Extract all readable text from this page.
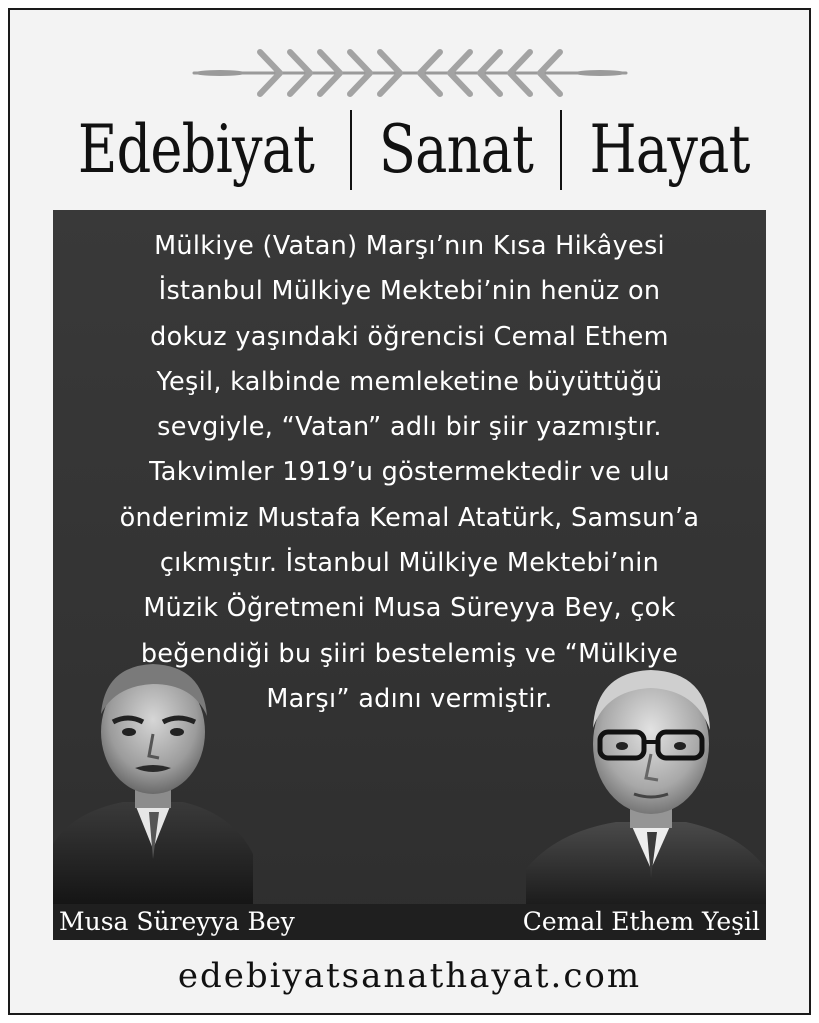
Edebiyat Sanat Hayat
Mülkiye (Vatan) Marşı’nın Kısa Hikâyesi
İstanbul Mülkiye Mektebi’nin henüz on
dokuz yaşındaki öğrencisi Cemal Ethem
Yeşil, kalbinde memleketine büyüttüğü
sevgiyle, “Vatan” adlı bir şiir yazmıştır.
Takvimler 1919’u göstermektedir ve ulu
önderimiz Mustafa Kemal Atatürk, Samsun’a
çıkmıştır. İstanbul Mülkiye Mektebi’nin
Müzik Öğretmeni Musa Süreyya Bey, çok
beğendiği bu şiiri bestelemiş ve “Mülkiye
Marşı” adını vermiştir.
Musa Süreyya Bey	Cemal Ethem Yeşil
edebiyatsanathayat.com
